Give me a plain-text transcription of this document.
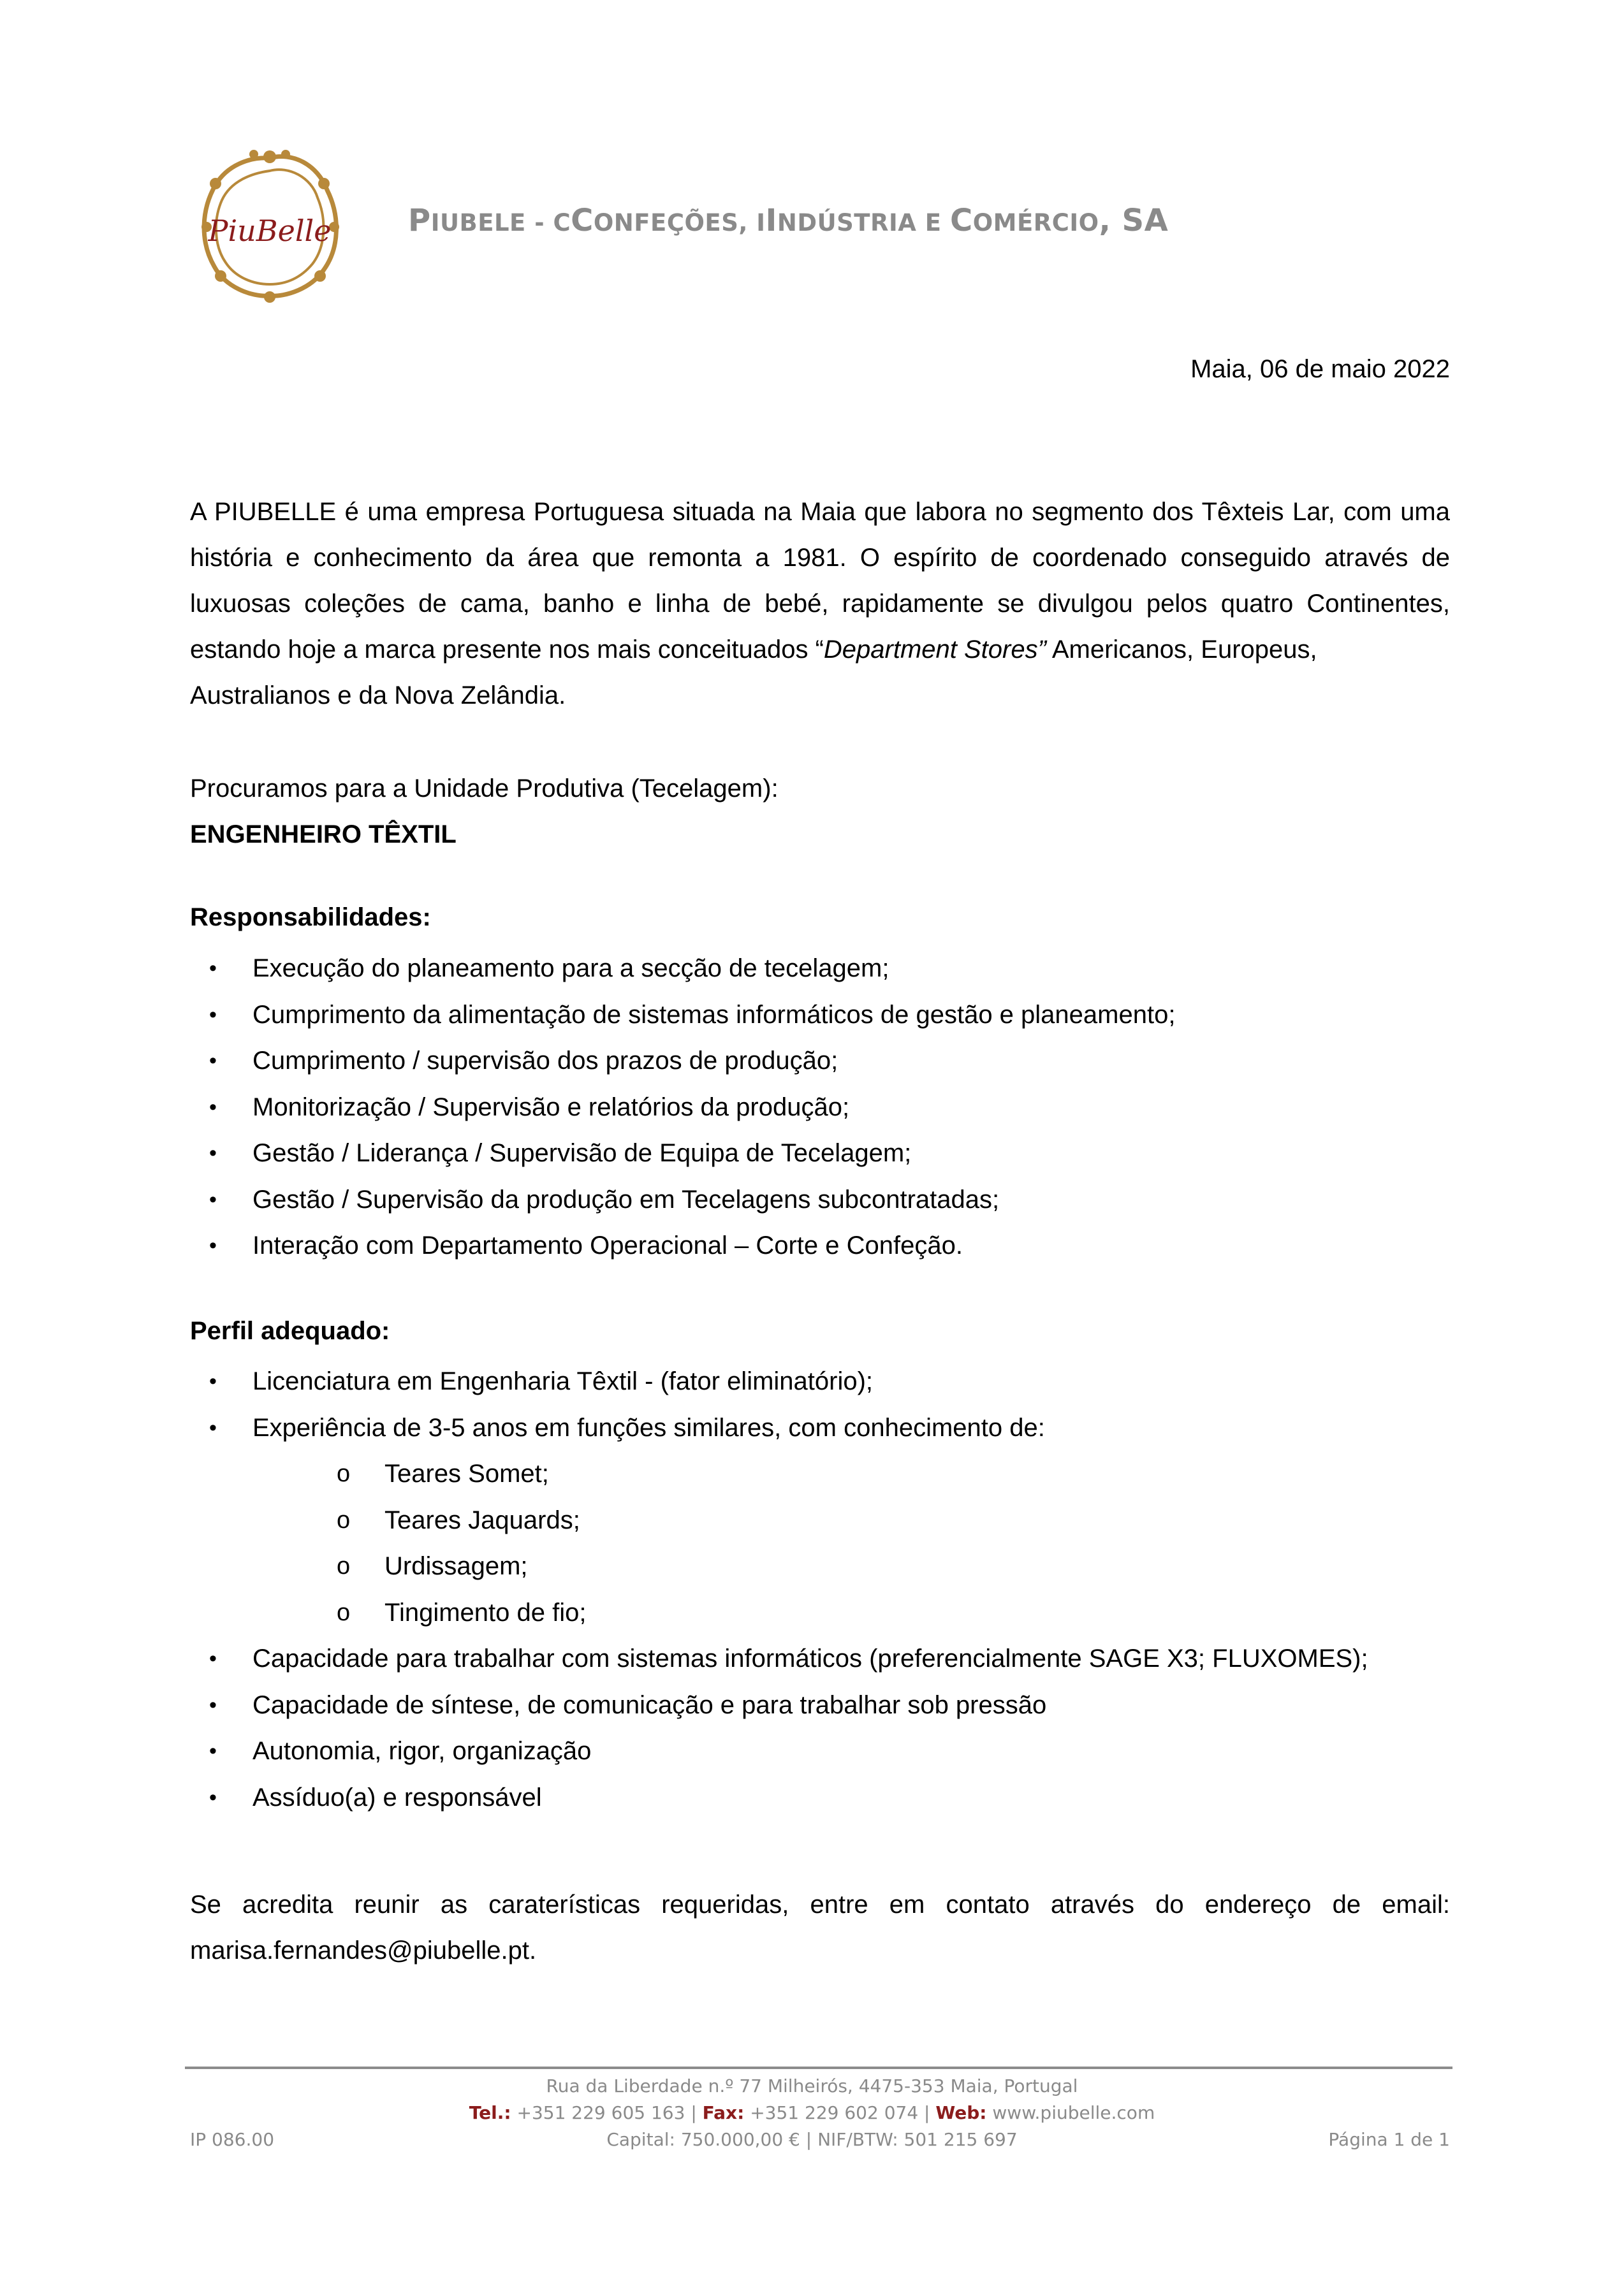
PiuBelle	PIUBELE - CCONFEÇÕES, IINDÚSTRIA E COMÉRCIO, SA
Maia, 06 de maio 2022
A PIUBELLE é uma empresa Portuguesa situada na Maia que labora no segmento dos Têxteis Lar, com uma história e conhecimento da área que remonta a 1981. O espírito de coordenado conseguido através de luxuosas coleções de cama, banho e linha de bebé, rapidamente se divulgou pelos quatro Continentes, estando hoje a marca presente nos mais conceituados “Department Stores” Americanos, Europeus,
Australianos e da Nova Zelândia.
Procuramos para a Unidade Produtiva (Tecelagem):
ENGENHEIRO TÊXTIL
Responsabilidades:
• Execução do planeamento para a secção de tecelagem;
• Cumprimento da alimentação de sistemas informáticos de gestão e planeamento;
• Cumprimento / supervisão dos prazos de produção;
• Monitorização / Supervisão e relatórios da produção;
• Gestão / Liderança / Supervisão de Equipa de Tecelagem;
• Gestão / Supervisão da produção em Tecelagens subcontratadas;
• Interação com Departamento Operacional – Corte e Confeção.
Perfil adequado:
• Licenciatura em Engenharia Têxtil - (fator eliminatório);
• Experiência de 3-5 anos em funções similares, com conhecimento de:
o Teares Somet;
o Teares Jaquards;
o Urdissagem;
o Tingimento de fio;
• Capacidade para trabalhar com sistemas informáticos (preferencialmente SAGE X3; FLUXOMES);
• Capacidade de síntese, de comunicação e para trabalhar sob pressão
• Autonomia, rigor, organização
• Assíduo(a) e responsável
Se acredita reunir as caraterísticas requeridas, entre em contato através do endereço de email: marisa.fernandes@piubelle.pt.
Rua da Liberdade n.º 77 Milheirós, 4475-353 Maia, Portugal
Tel.: +351 229 605 163 | Fax: +351 229 602 074 | Web: www.piubelle.com
Capital: 750.000,00 € | NIF/BTW: 501 215 697
IP 086.00	Página 1 de 1
